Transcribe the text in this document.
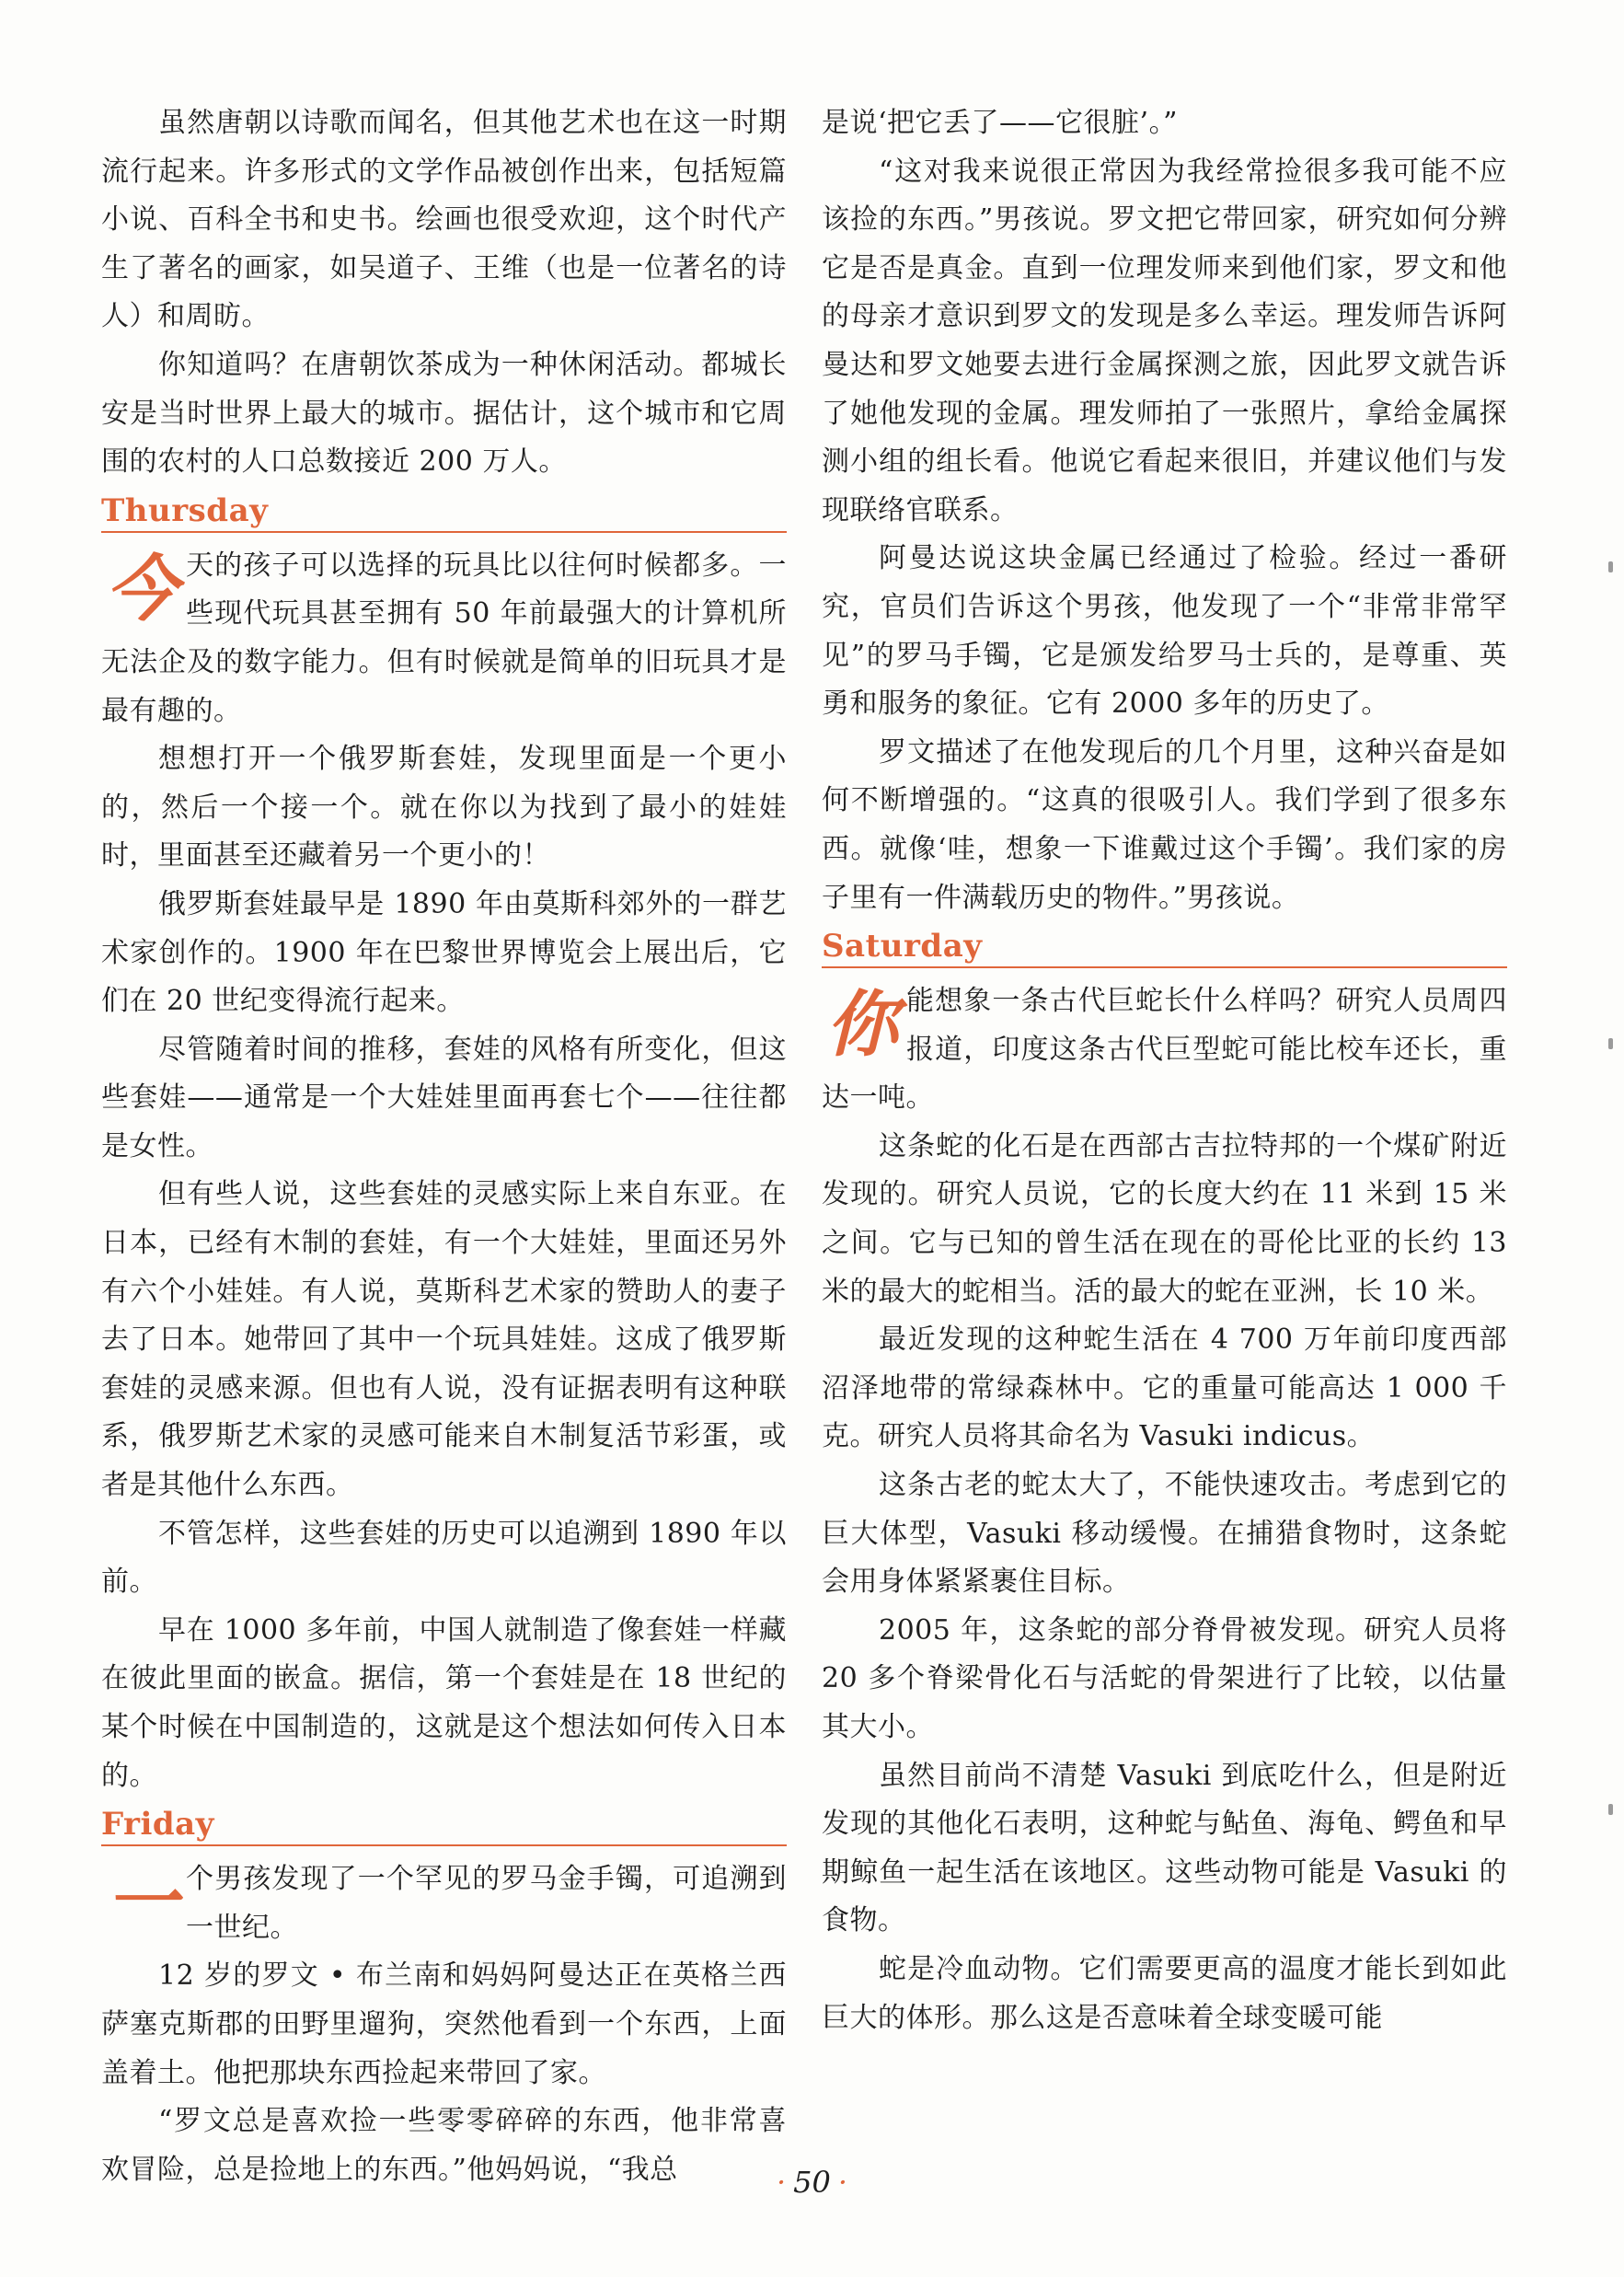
虽然唐朝以诗歌而闻名，但其他艺术也在这一时期流行起来。许多形式的文学作品被创作出来，包括短篇小说、百科全书和史书。绘画也很受欢迎，这个时代产生了著名的画家，如吴道子、王维（也是一位著名的诗人）和周昉。

你知道吗？在唐朝饮茶成为一种休闲活动。都城长安是当时世界上最大的城市。据估计，这个城市和它周围的农村的人口总数接近 200 万人。

Thursday

今天的孩子可以选择的玩具比以往何时候都多。一些现代玩具甚至拥有 50 年前最强大的计算机所无法企及的数字能力。但有时候就是简单的旧玩具才是最有趣的。

想想打开一个俄罗斯套娃，发现里面是一个更小的，然后一个接一个。就在你以为找到了最小的娃娃时，里面甚至还藏着另一个更小的！

俄罗斯套娃最早是 1890 年由莫斯科郊外的一群艺术家创作的。1900 年在巴黎世界博览会上展出后，它们在 20 世纪变得流行起来。

尽管随着时间的推移，套娃的风格有所变化，但这些套娃——通常是一个大娃娃里面再套七个——往往都是女性。

但有些人说，这些套娃的灵感实际上来自东亚。在日本，已经有木制的套娃，有一个大娃娃，里面还另外有六个小娃娃。有人说，莫斯科艺术家的赞助人的妻子去了日本。她带回了其中一个玩具娃娃。这成了俄罗斯套娃的灵感来源。但也有人说，没有证据表明有这种联系，俄罗斯艺术家的灵感可能来自木制复活节彩蛋，或者是其他什么东西。

不管怎样，这些套娃的历史可以追溯到 1890 年以前。

早在 1000 多年前，中国人就制造了像套娃一样藏在彼此里面的嵌盒。据信，第一个套娃是在 18 世纪的某个时候在中国制造的，这就是这个想法如何传入日本的。

Friday

一个男孩发现了一个罕见的罗马金手镯，可追溯到一世纪。

12 岁的罗文 • 布兰南和妈妈阿曼达正在英格兰西萨塞克斯郡的田野里遛狗，突然他看到一个东西，上面盖着土。他把那块东西捡起来带回了家。

“罗文总是喜欢捡一些零零碎碎的东西，他非常喜欢冒险，总是捡地上的东西。”他妈妈说，“我总

是说‘把它丢了——它很脏’。”

“这对我来说很正常因为我经常捡很多我可能不应该捡的东西。”男孩说。罗文把它带回家，研究如何分辨它是否是真金。直到一位理发师来到他们家，罗文和他的母亲才意识到罗文的发现是多么幸运。理发师告诉阿曼达和罗文她要去进行金属探测之旅，因此罗文就告诉了她他发现的金属。理发师拍了一张照片，拿给金属探测小组的组长看。他说它看起来很旧，并建议他们与发现联络官联系。

阿曼达说这块金属已经通过了检验。经过一番研究，官员们告诉这个男孩，他发现了一个“非常非常罕见”的罗马手镯，它是颁发给罗马士兵的，是尊重、英勇和服务的象征。它有 2000 多年的历史了。

罗文描述了在他发现后的几个月里，这种兴奋是如何不断增强的。“这真的很吸引人。我们学到了很多东西。就像‘哇，想象一下谁戴过这个手镯’。我们家的房子里有一件满载历史的物件。”男孩说。

Saturday

你能想象一条古代巨蛇长什么样吗？研究人员周四报道，印度这条古代巨型蛇可能比校车还长，重达一吨。

这条蛇的化石是在西部古吉拉特邦的一个煤矿附近发现的。研究人员说，它的长度大约在 11 米到 15 米之间。它与已知的曾生活在现在的哥伦比亚的长约 13 米的最大的蛇相当。活的最大的蛇在亚洲，长 10 米。

最近发现的这种蛇生活在 4 700 万年前印度西部沼泽地带的常绿森林中。它的重量可能高达 1 000 千克。研究人员将其命名为 Vasuki indicus。

这条古老的蛇太大了，不能快速攻击。考虑到它的巨大体型，Vasuki 移动缓慢。在捕猎食物时，这条蛇会用身体紧紧裹住目标。

2005 年，这条蛇的部分脊骨被发现。研究人员将 20 多个脊梁骨化石与活蛇的骨架进行了比较，以估量其大小。

虽然目前尚不清楚 Vasuki 到底吃什么，但是附近发现的其他化石表明，这种蛇与鲇鱼、海龟、鳄鱼和早期鲸鱼一起生活在该地区。这些动物可能是 Vasuki 的食物。

蛇是冷血动物。它们需要更高的温度才能长到如此巨大的体形。那么这是否意味着全球变暖可能

· 50 ·
